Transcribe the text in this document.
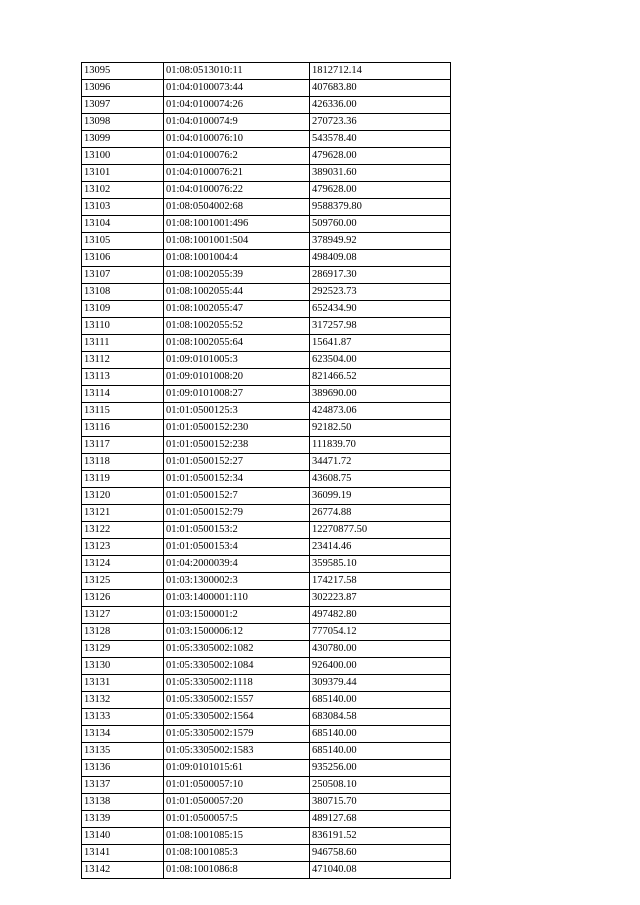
13095	01:08:0513010:11	1812712.14
13096	01:04:0100073:44	407683.80
13097	01:04:0100074:26	426336.00
13098	01:04:0100074:9	270723.36
13099	01:04:0100076:10	543578.40
13100	01:04:0100076:2	479628.00
13101	01:04:0100076:21	389031.60
13102	01:04:0100076:22	479628.00
13103	01:08:0504002:68	9588379.80
13104	01:08:1001001:496	509760.00
13105	01:08:1001001:504	378949.92
13106	01:08:1001004:4	498409.08
13107	01:08:1002055:39	286917.30
13108	01:08:1002055:44	292523.73
13109	01:08:1002055:47	652434.90
13110	01:08:1002055:52	317257.98
13111	01:08:1002055:64	15641.87
13112	01:09:0101005:3	623504.00
13113	01:09:0101008:20	821466.52
13114	01:09:0101008:27	389690.00
13115	01:01:0500125:3	424873.06
13116	01:01:0500152:230	92182.50
13117	01:01:0500152:238	111839.70
13118	01:01:0500152:27	34471.72
13119	01:01:0500152:34	43608.75
13120	01:01:0500152:7	36099.19
13121	01:01:0500152:79	26774.88
13122	01:01:0500153:2	12270877.50
13123	01:01:0500153:4	23414.46
13124	01:04:2000039:4	359585.10
13125	01:03:1300002:3	174217.58
13126	01:03:1400001:110	302223.87
13127	01:03:1500001:2	497482.80
13128	01:03:1500006:12	777054.12
13129	01:05:3305002:1082	430780.00
13130	01:05:3305002:1084	926400.00
13131	01:05:3305002:1118	309379.44
13132	01:05:3305002:1557	685140.00
13133	01:05:3305002:1564	683084.58
13134	01:05:3305002:1579	685140.00
13135	01:05:3305002:1583	685140.00
13136	01:09:0101015:61	935256.00
13137	01:01:0500057:10	250508.10
13138	01:01:0500057:20	380715.70
13139	01:01:0500057:5	489127.68
13140	01:08:1001085:15	836191.52
13141	01:08:1001085:3	946758.60
13142	01:08:1001086:8	471040.08
